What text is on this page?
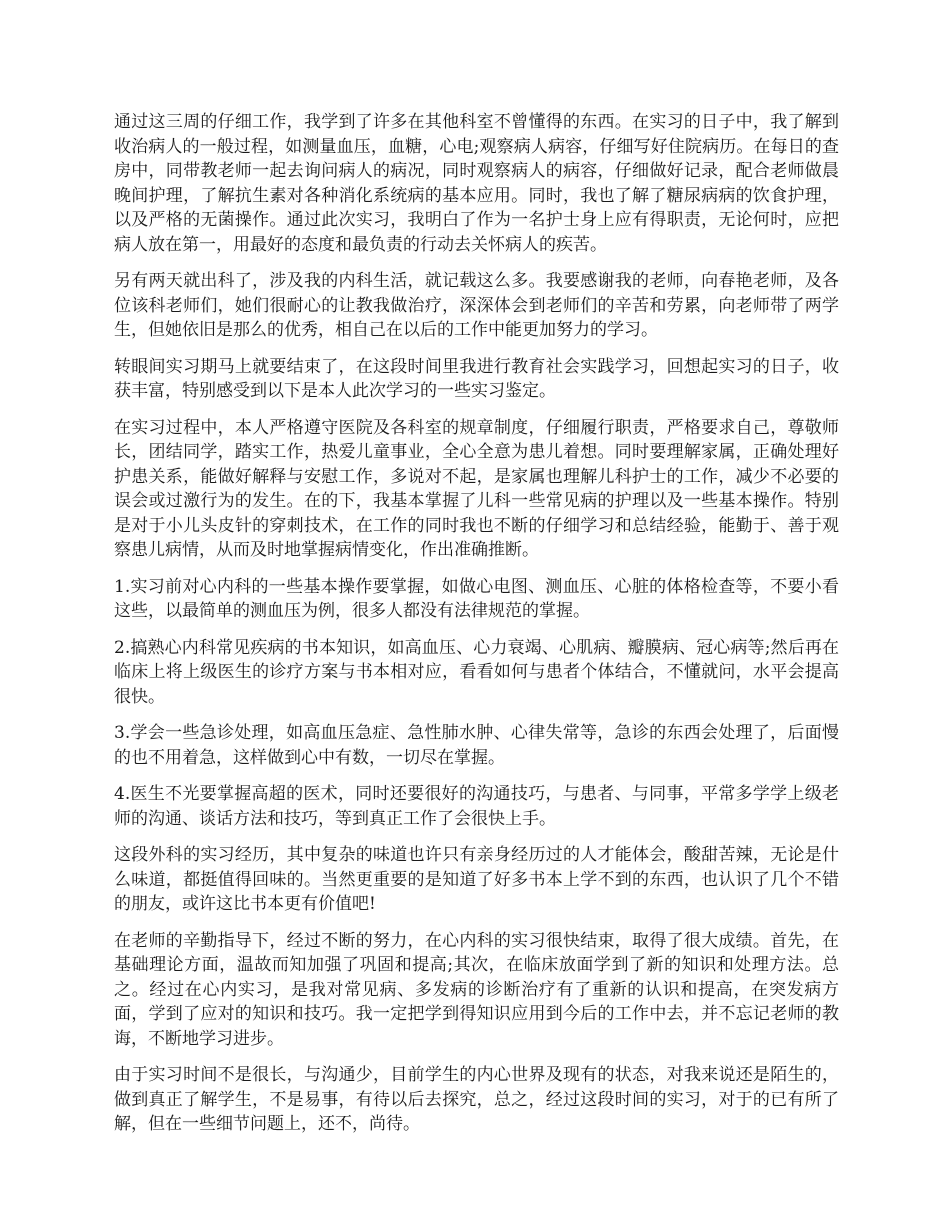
通过这三周的仔细工作，我学到了许多在其他科室不曾懂得的东西。在实习的日子中，我了解到收治病人的一般过程，如测量血压，血糖，心电;观察病人病容，仔细写好住院病历。在每日的查房中，同带教老师一起去询问病人的病况，同时观察病人的病容，仔细做好记录，配合老师做晨晚间护理，了解抗生素对各种消化系统病的基本应用。同时，我也了解了糖尿病病的饮食护理，以及严格的无菌操作。通过此次实习，我明白了作为一名护士身上应有得职责，无论何时，应把病人放在第一，用最好的态度和最负责的行动去关怀病人的疾苦。

另有两天就出科了，涉及我的内科生活，就记载这么多。我要感谢我的老师，向春艳老师，及各位该科老师们，她们很耐心的让教我做治疗，深深体会到老师们的辛苦和劳累，向老师带了两学生，但她依旧是那么的优秀，相自己在以后的工作中能更加努力的学习。

转眼间实习期马上就要结束了，在这段时间里我进行教育社会实践学习，回想起实习的日子，收获丰富，特别感受到以下是本人此次学习的一些实习鉴定。

在实习过程中，本人严格遵守医院及各科室的规章制度，仔细履行职责，严格要求自己，尊敬师长，团结同学，踏实工作，热爱儿童事业，全心全意为患儿着想。同时要理解家属，正确处理好护患关系，能做好解释与安慰工作，多说对不起，是家属也理解儿科护士的工作，减少不必要的误会或过激行为的发生。在的下，我基本掌握了儿科一些常见病的护理以及一些基本操作。特别是对于小儿头皮针的穿刺技术，在工作的同时我也不断的仔细学习和总结经验，能勤于、善于观察患儿病情，从而及时地掌握病情变化，作出准确推断。

1.实习前对心内科的一些基本操作要掌握，如做心电图、测血压、心脏的体格检查等，不要小看这些，以最简单的测血压为例，很多人都没有法律规范的掌握。

2.搞熟心内科常见疾病的书本知识，如高血压、心力衰竭、心肌病、瓣膜病、冠心病等;然后再在临床上将上级医生的诊疗方案与书本相对应，看看如何与患者个体结合，不懂就问，水平会提高很快。

3.学会一些急诊处理，如高血压急症、急性肺水肿、心律失常等，急诊的东西会处理了，后面慢的也不用着急，这样做到心中有数，一切尽在掌握。

4.医生不光要掌握高超的医术，同时还要很好的沟通技巧，与患者、与同事，平常多学学上级老师的沟通、谈话方法和技巧，等到真正工作了会很快上手。

这段外科的实习经历，其中复杂的味道也许只有亲身经历过的人才能体会，酸甜苦辣，无论是什么味道，都挺值得回味的。当然更重要的是知道了好多书本上学不到的东西，也认识了几个不错的朋友，或许这比书本更有价值吧!

在老师的辛勤指导下，经过不断的努力，在心内科的实习很快结束，取得了很大成绩。首先，在基础理论方面，温故而知加强了巩固和提高;其次，在临床放面学到了新的知识和处理方法。总之。经过在心内实习，是我对常见病、多发病的诊断治疗有了重新的认识和提高，在突发病方面，学到了应对的知识和技巧。我一定把学到得知识应用到今后的工作中去，并不忘记老师的教诲，不断地学习进步。

由于实习时间不是很长，与沟通少，目前学生的内心世界及现有的状态，对我来说还是陌生的，做到真正了解学生，不是易事，有待以后去探究，总之，经过这段时间的实习，对于的已有所了解，但在一些细节问题上，还不，尚待。
